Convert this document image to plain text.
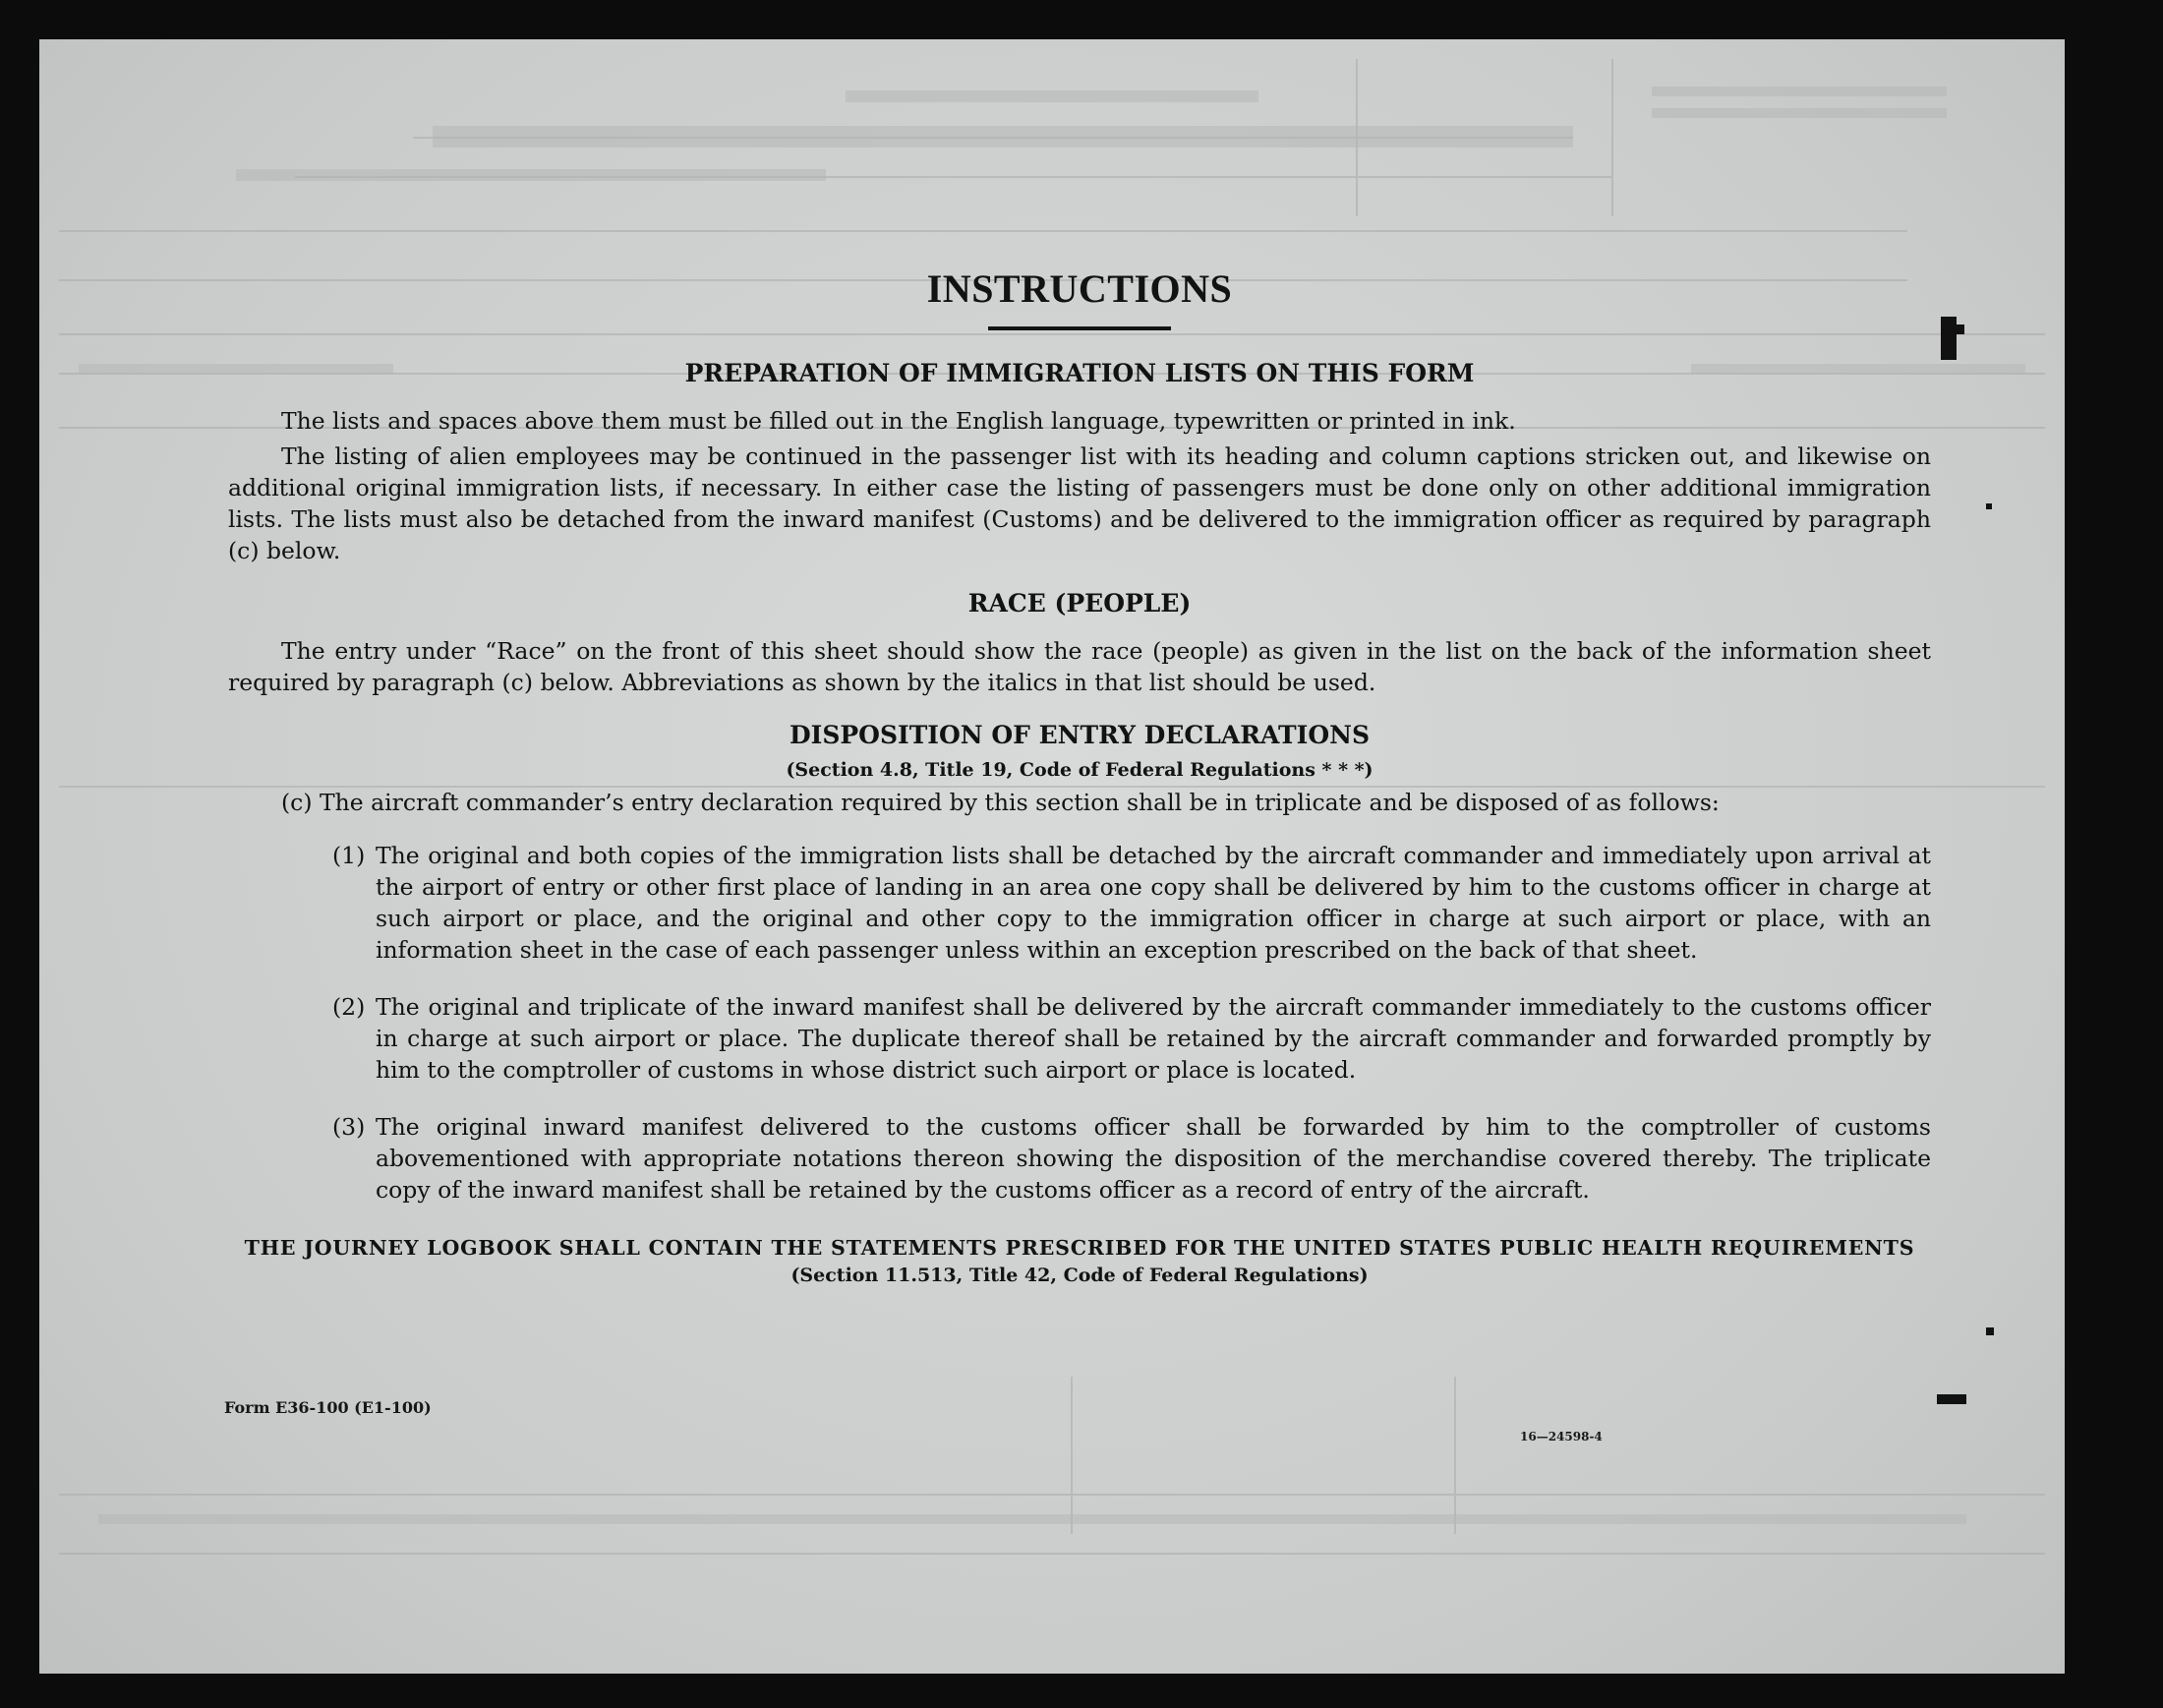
INSTRUCTIONS
PREPARATION OF IMMIGRATION LISTS ON THIS FORM

The lists and spaces above them must be filled out in the English language, typewritten or printed in ink.

The listing of alien employees may be continued in the passenger list with its heading and column captions stricken out, and likewise on additional original immigration lists, if necessary. In either case the listing of passengers must be done only on other additional immigration lists. The lists must also be detached from the inward manifest (Customs) and be delivered to the immigration officer as required by paragraph (c) below.

RACE (PEOPLE)

The entry under “Race” on the front of this sheet should show the race (people) as given in the list on the back of the information sheet required by paragraph (c) below. Abbreviations as shown by the italics in that list should be used.

DISPOSITION OF ENTRY DECLARATIONS

(Section 4.8, Title 19, Code of Federal Regulations * * *)

(c) The aircraft commander’s entry declaration required by this section shall be in triplicate and be disposed of as follows:

(1) The original and both copies of the immigration lists shall be detached by the aircraft commander and immediately upon arrival at the airport of entry or other first place of landing in an area one copy shall be delivered by him to the customs officer in charge at such airport or place, and the original and other copy to the immigration officer in charge at such airport or place, with an information sheet in the case of each passenger unless within an exception prescribed on the back of that sheet.
(2) The original and triplicate of the inward manifest shall be delivered by the aircraft commander immediately to the customs officer in charge at such airport or place. The duplicate thereof shall be retained by the aircraft commander and forwarded promptly by him to the comptroller of customs in whose district such airport or place is located.
(3) The original inward manifest delivered to the customs officer shall be forwarded by him to the comptroller of customs abovementioned with appropriate notations thereon showing the disposition of the merchandise covered thereby. The triplicate copy of the inward manifest shall be retained by the customs officer as a record of entry of the aircraft.

THE JOURNEY LOGBOOK SHALL CONTAIN THE STATEMENTS PRESCRIBED FOR THE UNITED STATES PUBLIC HEALTH REQUIREMENTS

(Section 11.513, Title 42, Code of Federal Regulations)

Form E36-100 (E1-100)
16—24598-4
